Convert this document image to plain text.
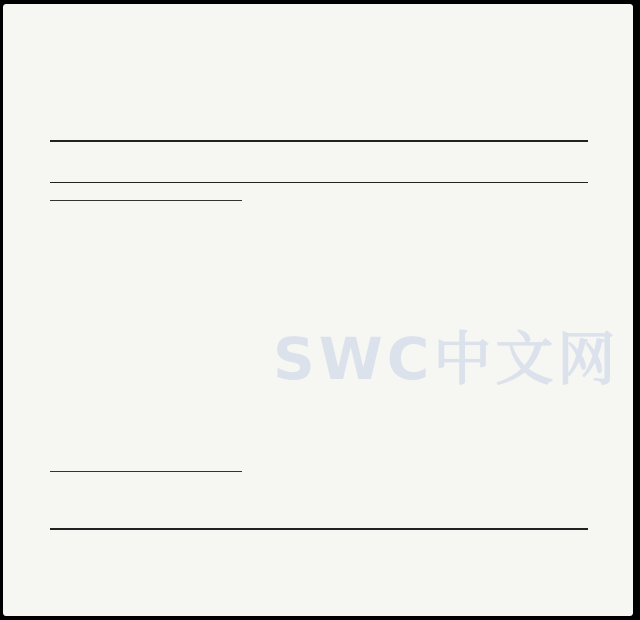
SWC中文网
